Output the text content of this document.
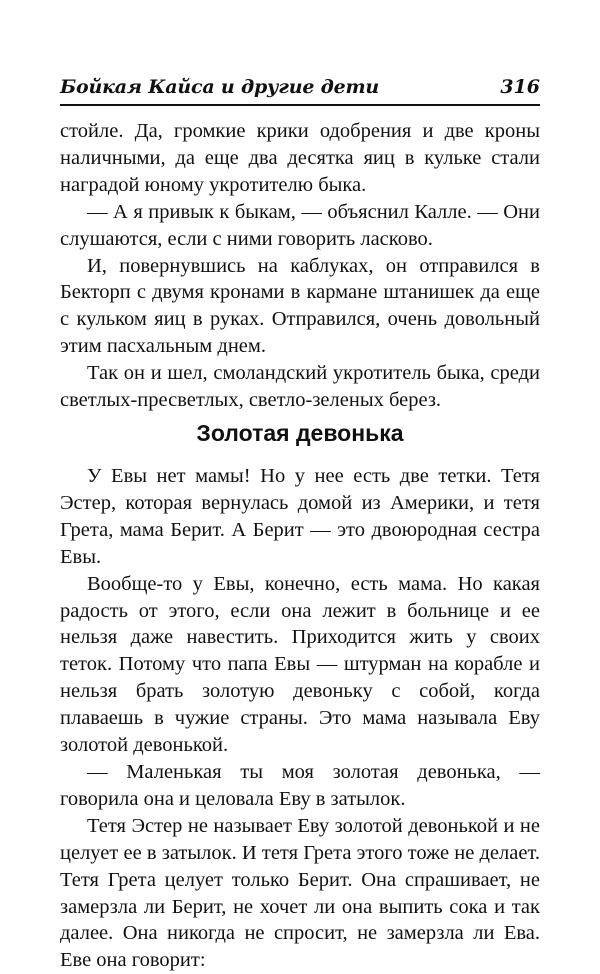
Бойкая Кайса и другие дети	316

стойле. Да, громкие крики одобрения и две кроны наличными, да еще два десятка яиц в кульке стали наградой юному укротителю быка.

— А я привык к быкам, — объяснил Калле. — Они слушаются, если с ними говорить ласково.

И, повернувшись на каблуках, он отправился в Бекторп с двумя кронами в кармане штанишек да еще с кульком яиц в руках. Отправился, очень довольный этим пасхальным днем.

Так он и шел, смоландский укротитель быка, среди светлых-пресветлых, светло-зеленых берез.

Золотая девонька

У Евы нет мамы! Но у нее есть две тетки. Тетя Эстер, которая вернулась домой из Америки, и тетя Грета, мама Берит. А Берит — это двоюродная сестра Евы.

Вообще-то у Евы, конечно, есть мама. Но какая радость от этого, если она лежит в больнице и ее нельзя даже навестить. Приходится жить у своих теток. Потому что папа Евы — штурман на корабле и нельзя брать золотую девоньку с собой, когда плаваешь в чужие страны. Это мама называла Еву золотой девонькой.

— Маленькая ты моя золотая девонька, — говорила она и целовала Еву в затылок.

Тетя Эстер не называет Еву золотой девонькой и не целует ее в затылок. И тетя Грета этого тоже не делает. Тетя Грета целует только Берит. Она спрашивает, не замерзла ли Берит, не хочет ли она выпить сока и так далее. Она никогда не спросит, не замерзла ли Ева. Еве она говорит:
